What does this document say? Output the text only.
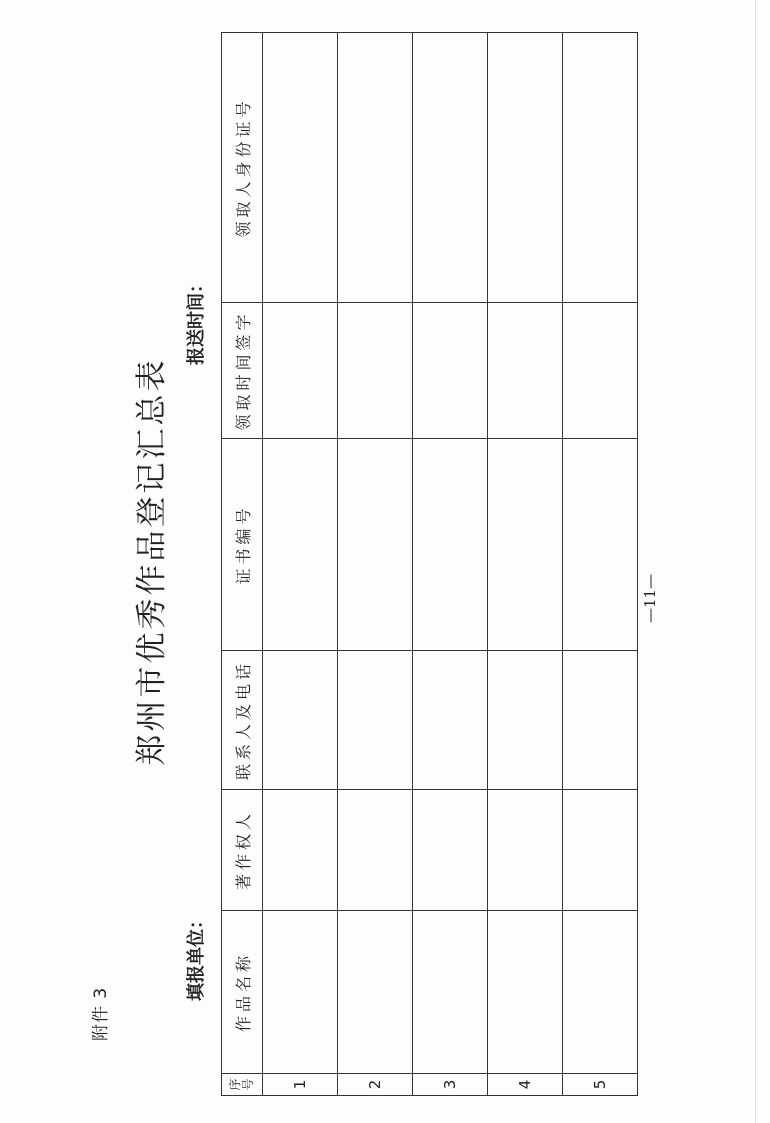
附件 3
郑州市优秀作品登记汇总表
填报单位：
报送时间：
序号	作品名称	著作权人	联系人及电话	证书编号	领取时间签字	领取人身份证号
1						
2						
3						
4						
5						
—11—
